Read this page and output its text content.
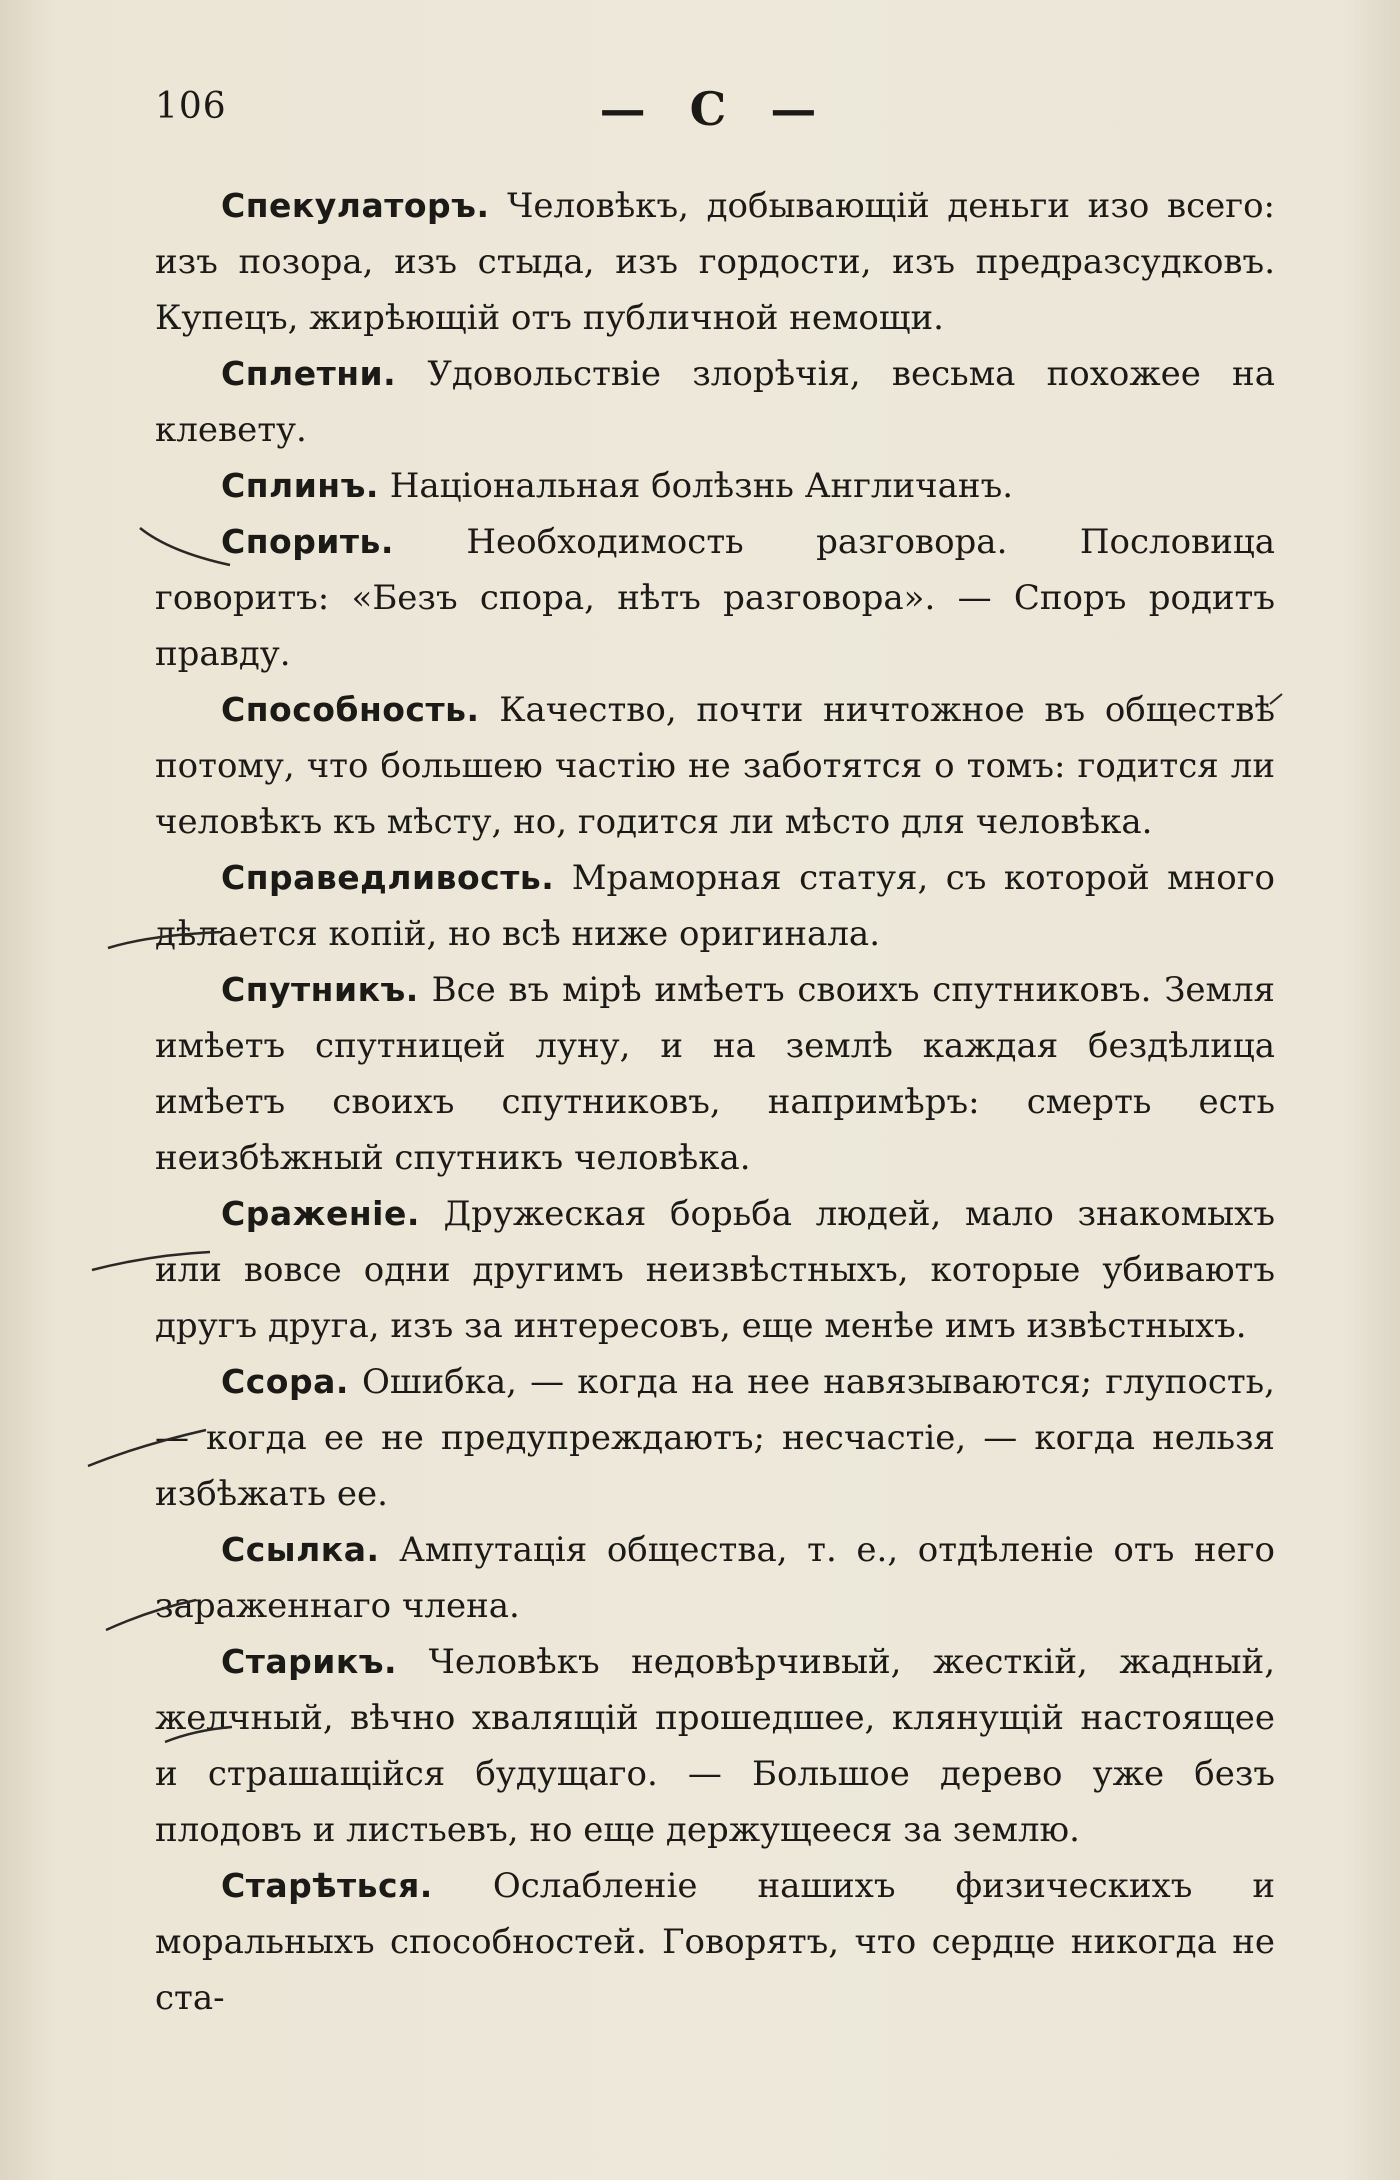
106	— С —

Спекулаторъ. Человѣкъ, добывающій деньги изо всего: изъ позора, изъ стыда, изъ гордости, изъ предразсудковъ. Купецъ, жирѣющій отъ публичной немощи.

Сплетни. Удовольствіе злорѣчія, весьма похожее на клевету.

Сплинъ. Національная болѣзнь Англичанъ.

Спорить. Необходимость разговора. Пословица говоритъ: «Безъ спора, нѣтъ разговора». — Споръ родитъ правду.

Способность. Качество, почти ничтожное въ обществѣ потому, что большею частію не заботятся о томъ: годится ли человѣкъ къ мѣсту, но, годится ли мѣсто для человѣка.

Справедливость. Мраморная статуя, съ которой много дѣлается копій, но всѣ ниже оригинала.

Спутникъ. Все въ мірѣ имѣетъ своихъ спутниковъ. Земля имѣетъ спутницей луну, и на землѣ каждая бездѣлица имѣетъ своихъ спутниковъ, напримѣръ: смерть есть неизбѣжный спутникъ человѣка.

Сраженіе. Дружеская борьба людей, мало знакомыхъ или вовсе одни другимъ неизвѣстныхъ, которые убиваютъ другъ друга, изъ за интересовъ, еще менѣе имъ извѣстныхъ.

Ссора. Ошибка, — когда на нее навязываются; глупость, — когда ее не предупреждаютъ; несчастіе, — когда нельзя избѣжать ее.

Ссылка. Ампутація общества, т. е., отдѣленіе отъ него зараженнаго члена.

Старикъ. Человѣкъ недовѣрчивый, жесткій, жадный, желчный, вѣчно хвалящій прошедшее, клянущій настоящее и страшащійся будущаго. — Большое дерево уже безъ плодовъ и листьевъ, но еще держущееся за землю.

Старѣться. Ослабленіе нашихъ физическихъ и моральныхъ способностей. Говорятъ, что сердце никогда не ста-
